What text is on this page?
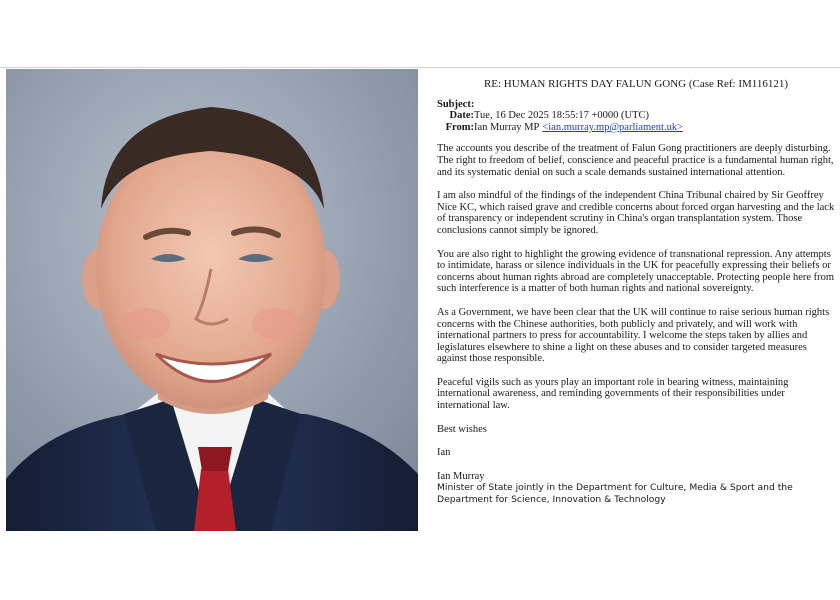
RE: HUMAN RIGHTS DAY FALUN GONG (Case Ref: IM116121)
Subject:
Date: Tue, 16 Dec 2025 18:55:17 +0000 (UTC)
From: Ian Murray MP <ian.murray.mp@parliament.uk>

The accounts you describe of the treatment of Falun Gong practitioners are deeply disturbing. The right to freedom of belief, conscience and peaceful practice is a fundamental human right, and its systematic denial on such a scale demands sustained international attention.

I am also mindful of the findings of the independent China Tribunal chaired by Sir Geoffrey Nice KC, which raised grave and credible concerns about forced organ harvesting and the lack of transparency or independent scrutiny in China's organ transplantation system. Those conclusions cannot simply be ignored.

You are also right to highlight the growing evidence of transnational repression. Any attempts to intimidate, harass or silence individuals in the UK for peacefully expressing their beliefs or concerns about human rights abroad are completely unacceptable. Protecting people here from such interference is a matter of both human rights and national sovereignty.

As a Government, we have been clear that the UK will continue to raise serious human rights concerns with the Chinese authorities, both publicly and privately, and will work with international partners to press for accountability. I welcome the steps taken by allies and legislatures elsewhere to shine a light on these abuses and to consider targeted measures against those responsible.

Peaceful vigils such as yours play an important role in bearing witness, maintaining international awareness, and reminding governments of their responsibilities under international law.

Best wishes

Ian

Ian Murray

Minister of State jointly in the Department for Culture, Media & Sport and the Department for Science, Innovation & Technology
